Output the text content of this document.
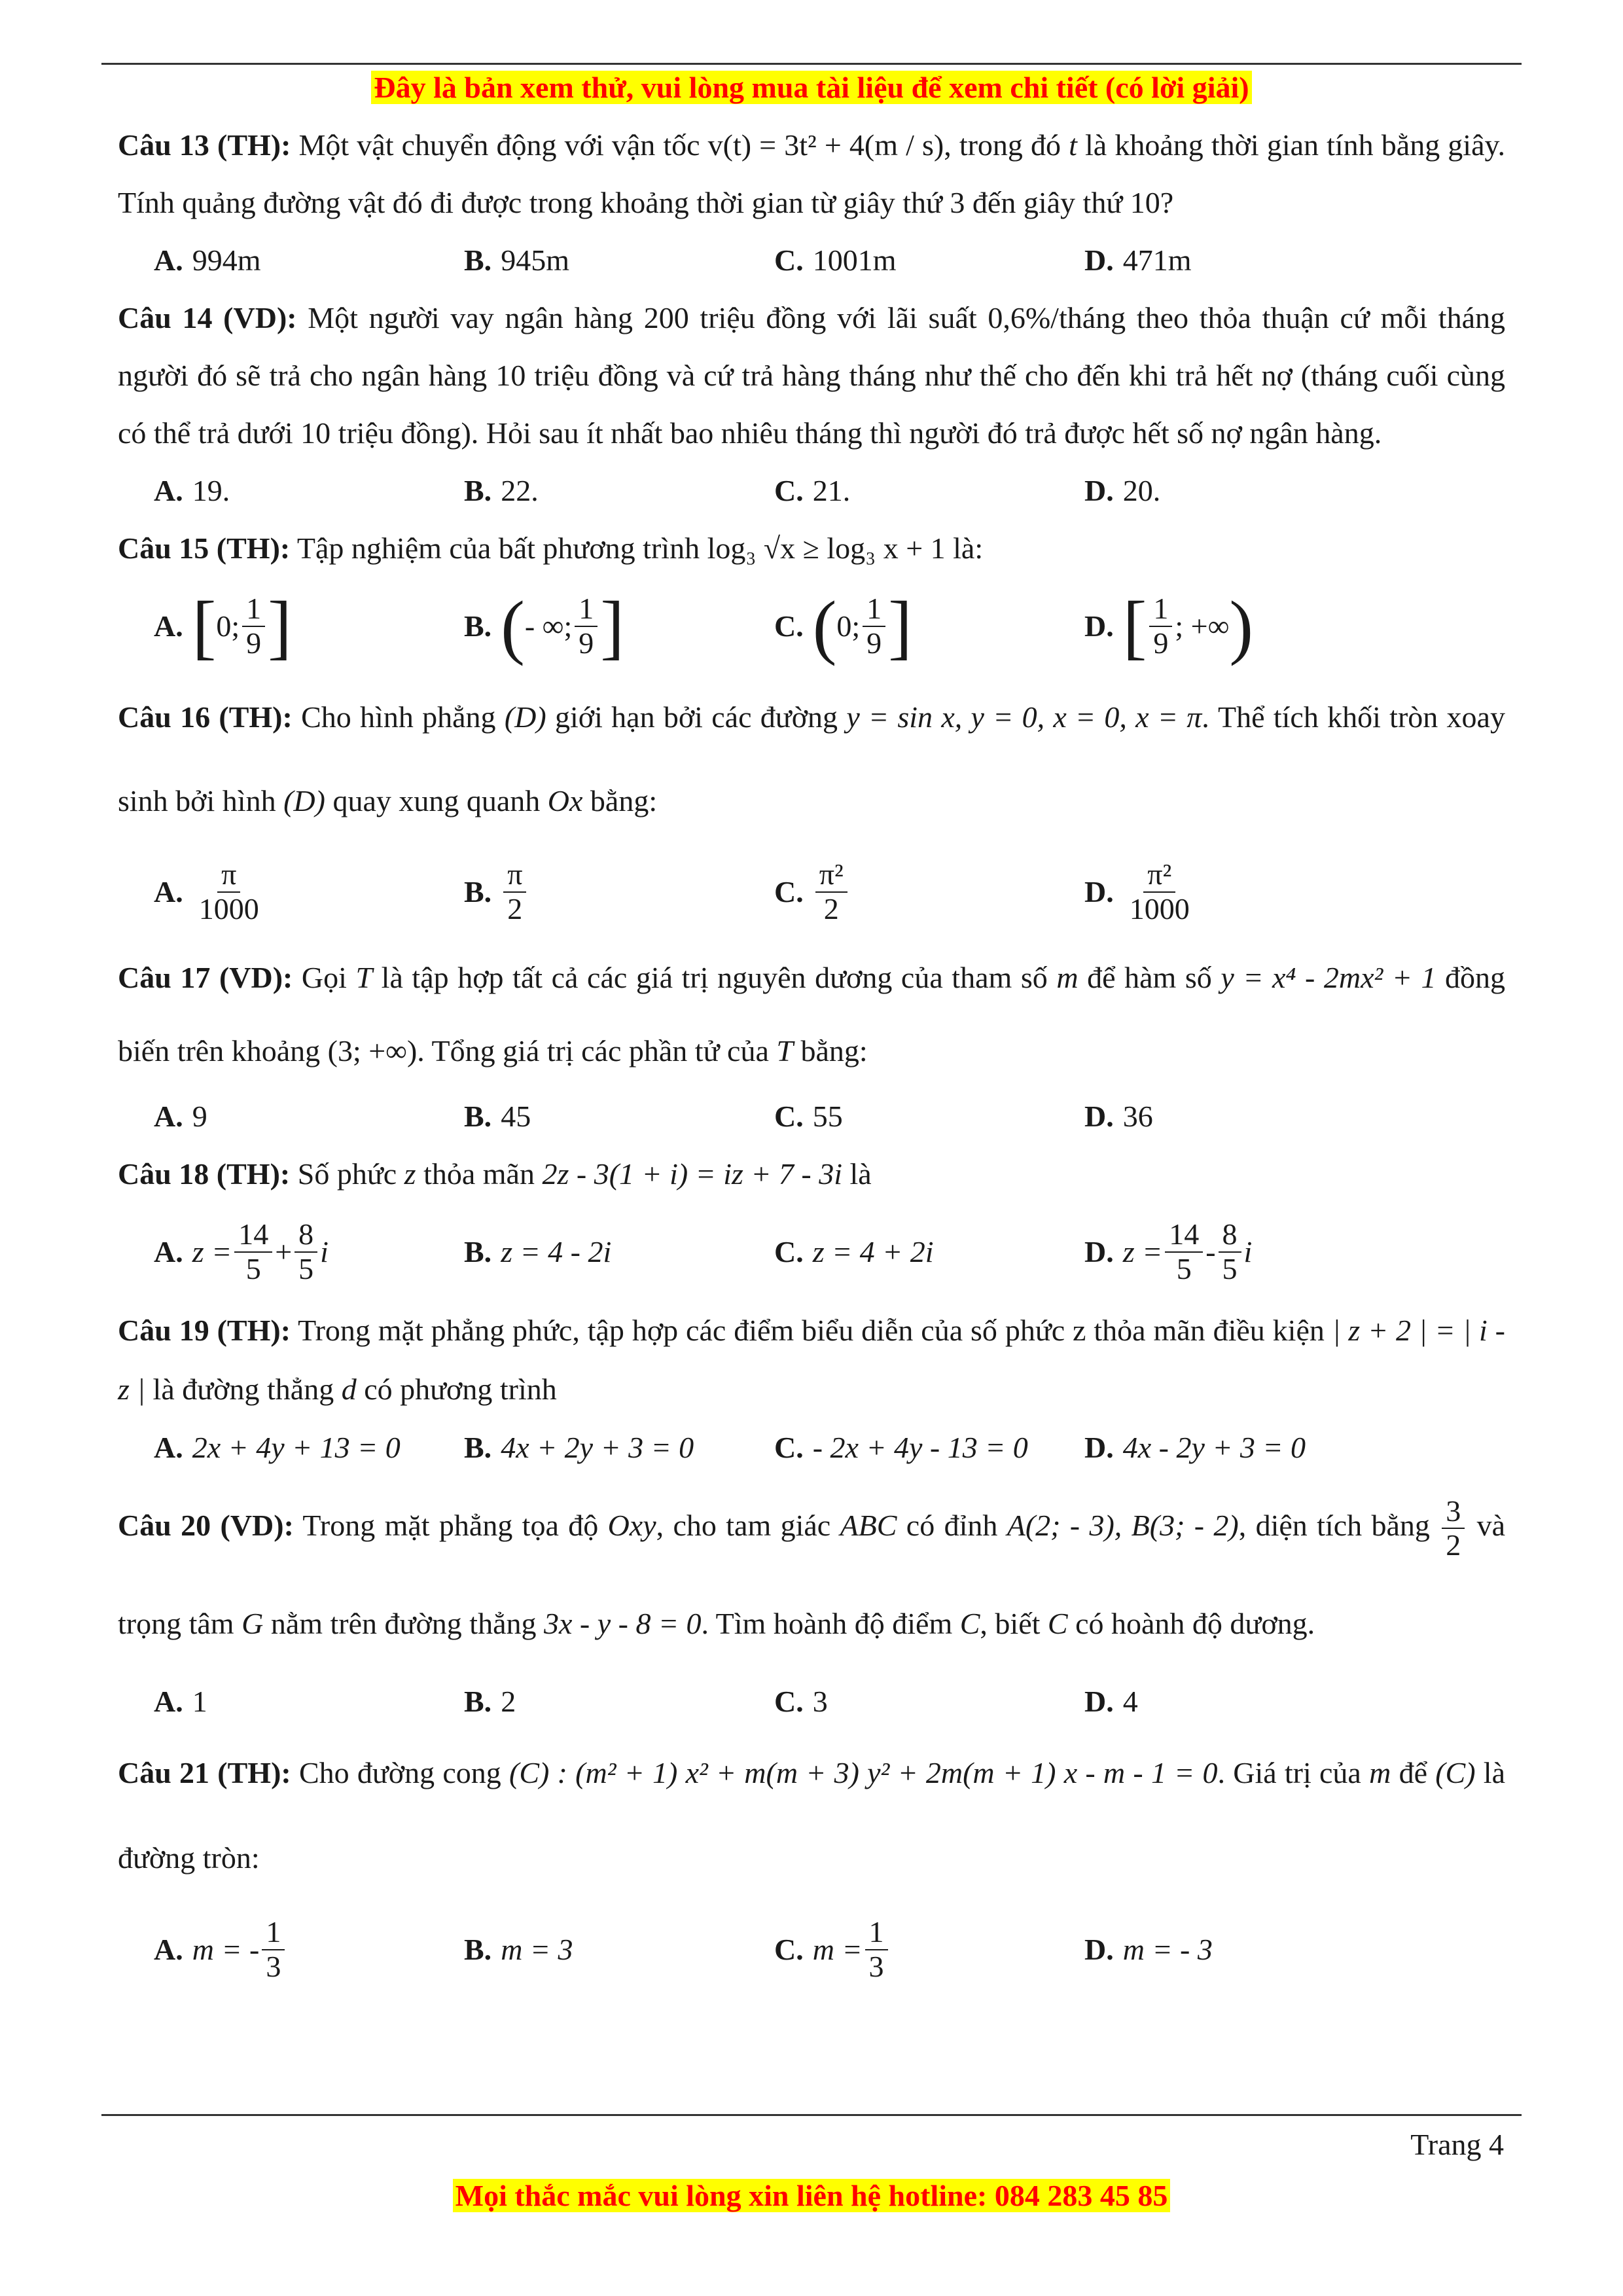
Đây là bản xem thử, vui lòng mua tài liệu để xem chi tiết (có lời giải)

Câu 13 (TH): Một vật chuyển động với vận tốc v(t) = 3t² + 4(m / s), trong đó t là khoảng thời gian tính bằng giây. Tính quảng đường vật đó đi được trong khoảng thời gian từ giây thứ 3 đến giây thứ 10?

A. 994m	B. 945m	C. 1001m	D. 471m

Câu 14 (VD): Một người vay ngân hàng 200 triệu đồng với lãi suất 0,6%/tháng theo thỏa thuận cứ mỗi tháng người đó sẽ trả cho ngân hàng 10 triệu đồng và cứ trả hàng tháng như thế cho đến khi trả hết nợ (tháng cuối cùng có thể trả dưới 10 triệu đồng). Hỏi sau ít nhất bao nhiêu tháng thì người đó trả được hết số nợ ngân hàng.

A. 19.	B. 22.	C. 21.	D. 20.

Câu 15 (TH): Tập nghiệm của bất phương trình log₃ √x ≥ log₃ x + 1 là:

A. [ 0; $\frac{1}{9}$ ]	B. ( - ∞; $\frac{1}{9}$ ]	C. ( 0; $\frac{1}{9}$ ]	D. [ $\frac{1}{9}$ ; +∞ )

Câu 16 (TH): Cho hình phẳng (D) giới hạn bởi các đường y = sin x, y = 0, x = 0, x = π. Thể tích khối tròn xoay sinh bởi hình (D) quay xung quanh Ox bằng:

A. $\frac{\pi}{1000}$	B. $\frac{\pi}{2}$	C. $\frac{\text{π²}}{2}$	D. $\frac{\text{π²}}{1000}$

Câu 17 (VD): Gọi T là tập hợp tất cả các giá trị nguyên dương của tham số m để hàm số y = x⁴ - 2mx² + 1 đồng biến trên khoảng (3; +∞). Tổng giá trị các phần tử của T bằng:

A. 9	B. 45	C. 55	D. 36

Câu 18 (TH): Số phức z thỏa mãn 2z - 3(1 + i) = iz + 7 - 3i là

A. $z = \frac{14}{5} + \frac{8}{5}$ i	B. z = 4 - 2i	C. z = 4 + 2i	D. $z = \frac{14}{5} - \frac{8}{5}$ i

Câu 19 (TH): Trong mặt phẳng phức, tập hợp các điểm biểu diễn của số phức z thỏa mãn điều kiện | z + 2 | = | i - z | là đường thẳng d có phương trình

A. 2x + 4y + 13 = 0 B. 4x + 2y + 3 = 0	C. - 2x + 4y - 13 = 0 D. 4x - 2y + 3 = 0

Câu 20 (VD): Trong mặt phẳng tọa độ Oxy, cho tam giác ABC có đỉnh A(2; - 3), B(3; - 2), diện tích bằng $\frac{3}{2}$ và trọng tâm G nằm trên đường thẳng 3x - y - 8 = 0. Tìm hoành độ điểm C, biết C có hoành độ dương.

A. 1	B. 2	C. 3	D. 4

Câu 21 (TH): Cho đường cong (C) : (m² + 1) x² + m(m + 3) y² + 2m(m + 1) x - m - 1 = 0. Giá trị của m để (C) là đường tròn:

A. m = - $\frac{1}{3}$	B. m = 3	C. $m = \frac{1}{3}$	D. m = - 3
Trang 4
Mọi thắc mắc vui lòng xin liên hệ hotline: 084 283 45 85
